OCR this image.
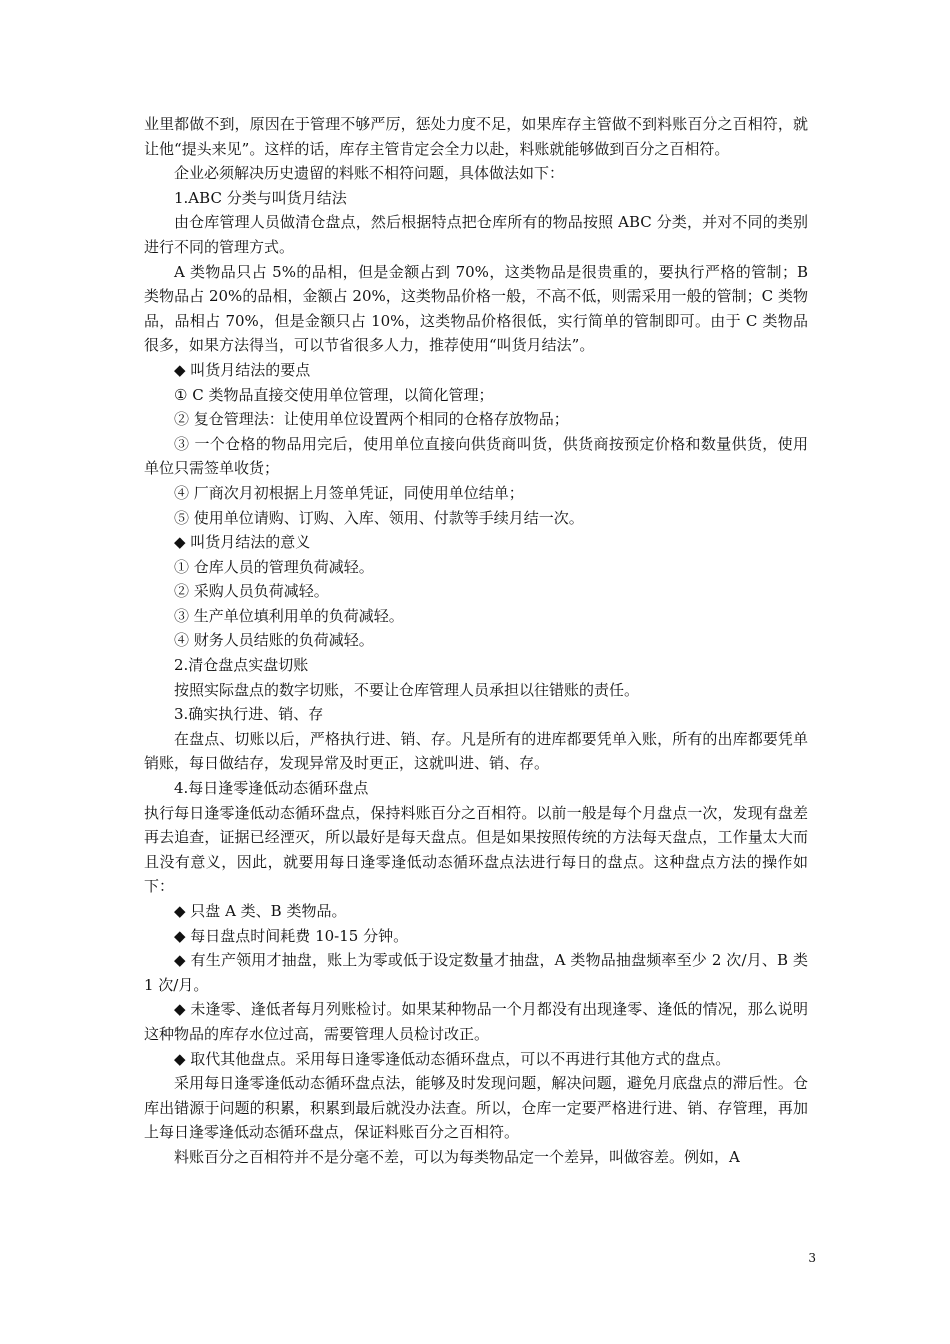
业里都做不到，原因在于管理不够严厉，惩处力度不足，如果库存主管做不到料账百分之百相符，就让他“提头来见”。这样的话，库存主管肯定会全力以赴，料账就能够做到百分之百相符。

企业必须解决历史遗留的料账不相符问题，具体做法如下：

1.ABC 分类与叫货月结法

由仓库管理人员做清仓盘点，然后根据特点把仓库所有的物品按照 ABC 分类，并对不同的类别进行不同的管理方式。

A 类物品只占 5%的品相，但是金额占到 70%，这类物品是很贵重的，要执行严格的管制；B 类物品占 20%的品相，金额占 20%，这类物品价格一般，不高不低，则需采用一般的管制；C 类物品，品相占 70%，但是金额只占 10%，这类物品价格很低，实行简单的管制即可。由于 C 类物品很多，如果方法得当，可以节省很多人力，推荐使用“叫货月结法”。

◆ 叫货月结法的要点

① C 类物品直接交使用单位管理，以简化管理；

② 复仓管理法：让使用单位设置两个相同的仓格存放物品；

③ 一个仓格的物品用完后，使用单位直接向供货商叫货，供货商按预定价格和数量供货，使用单位只需签单收货；

④ 厂商次月初根据上月签单凭证，同使用单位结单；

⑤ 使用单位请购、订购、入库、领用、付款等手续月结一次。

◆ 叫货月结法的意义

① 仓库人员的管理负荷减轻。

② 采购人员负荷减轻。

③ 生产单位填利用单的负荷减轻。

④ 财务人员结账的负荷减轻。

2.清仓盘点实盘切账

按照实际盘点的数字切账，不要让仓库管理人员承担以往错账的责任。

3.确实执行进、销、存

在盘点、切账以后，严格执行进、销、存。凡是所有的进库都要凭单入账，所有的出库都要凭单销账，每日做结存，发现异常及时更正，这就叫进、销、存。

4.每日逢零逢低动态循环盘点

执行每日逢零逢低动态循环盘点，保持料账百分之百相符。以前一般是每个月盘点一次，发现有盘差再去追查，证据已经湮灭，所以最好是每天盘点。但是如果按照传统的方法每天盘点，工作量太大而且没有意义，因此，就要用每日逢零逢低动态循环盘点法进行每日的盘点。这种盘点方法的操作如下：

◆ 只盘 A 类、B 类物品。

◆ 每日盘点时间耗费 10-15 分钟。

◆ 有生产领用才抽盘，账上为零或低于设定数量才抽盘，A 类物品抽盘频率至少 2 次/月、B 类 1 次/月。

◆ 未逢零、逢低者每月列账检讨。如果某种物品一个月都没有出现逢零、逢低的情况，那么说明这种物品的库存水位过高，需要管理人员检讨改正。

◆ 取代其他盘点。采用每日逢零逢低动态循环盘点，可以不再进行其他方式的盘点。

采用每日逢零逢低动态循环盘点法，能够及时发现问题，解决问题，避免月底盘点的滞后性。仓库出错源于问题的积累，积累到最后就没办法查。所以，仓库一定要严格进行进、销、存管理，再加上每日逢零逢低动态循环盘点，保证料账百分之百相符。

料账百分之百相符并不是分毫不差，可以为每类物品定一个差异，叫做容差。例如，A

3
